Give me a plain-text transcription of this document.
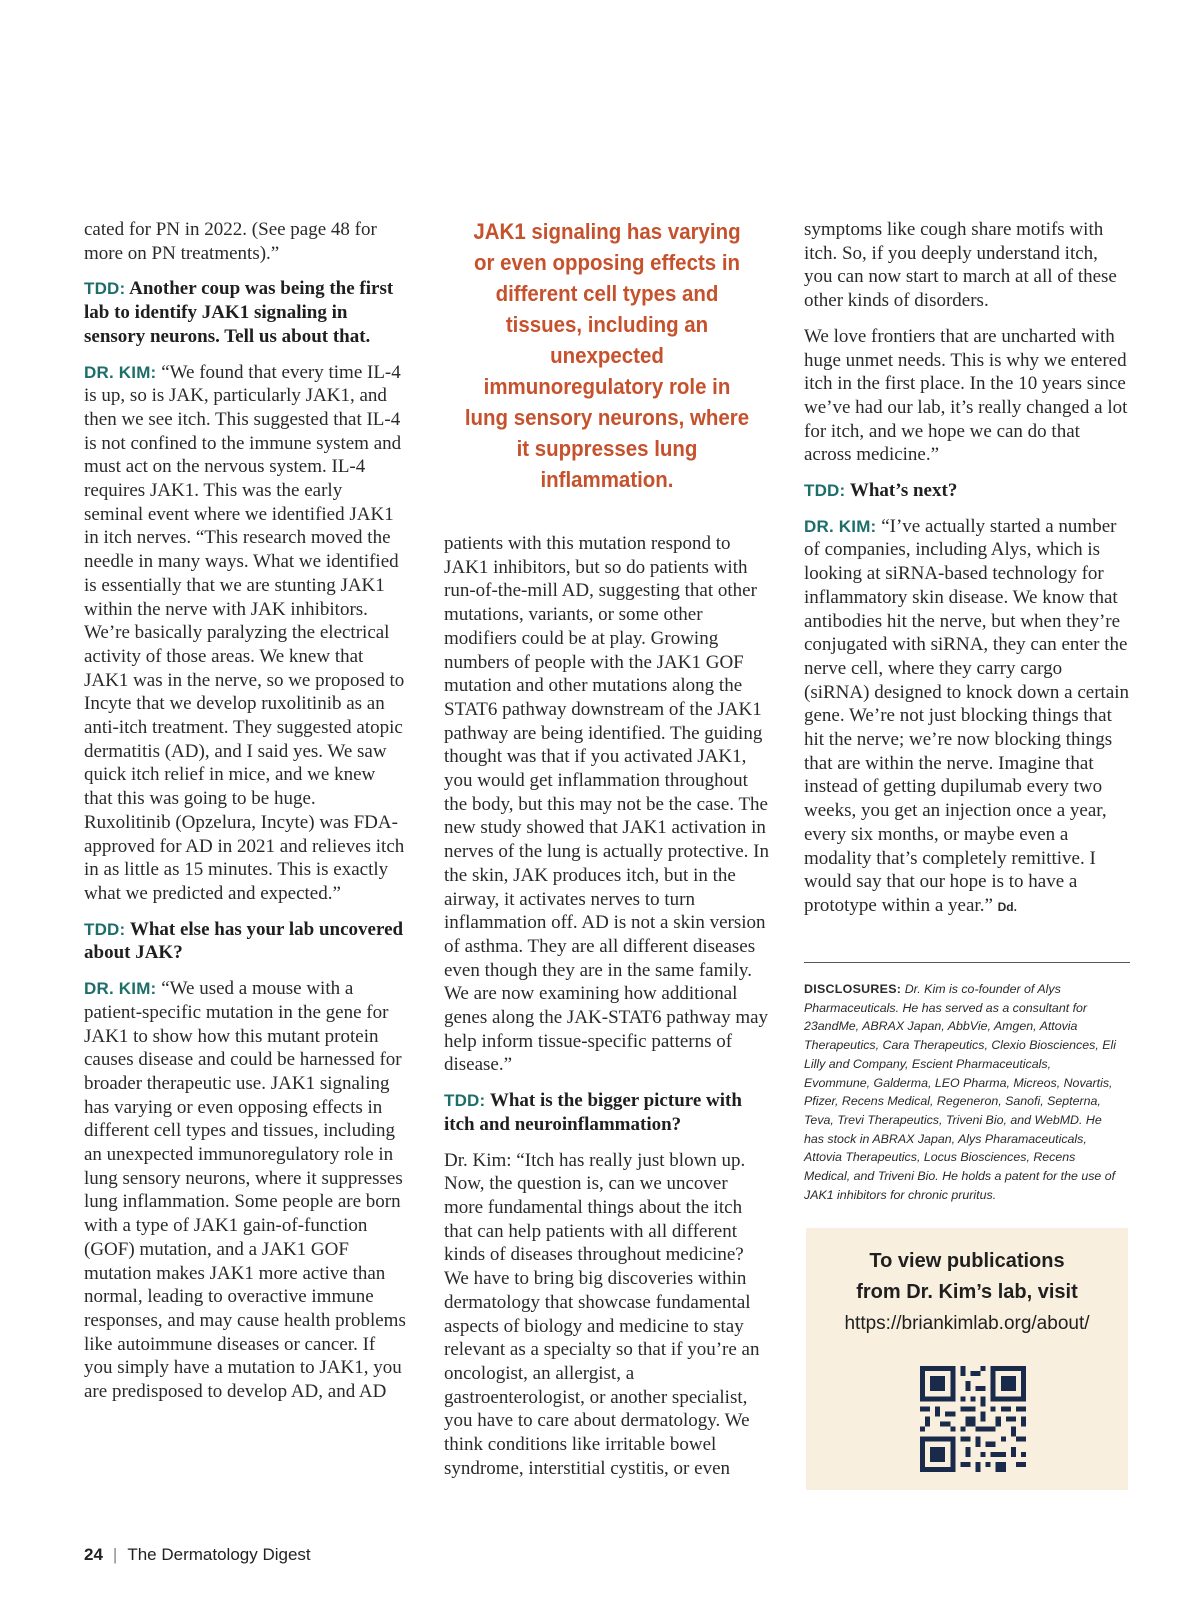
cated for PN in 2022. (See page 48 for more on PN treatments).”

TDD: Another coup was being the first lab to identify JAK1 signaling in sensory neurons. Tell us about that.

DR. KIM: “We found that every time IL-4 is up, so is JAK, particularly JAK1, and then we see itch. This suggested that IL-4 is not confined to the immune system and must act on the nervous system. IL-4 requires JAK1. This was the early seminal event where we identified JAK1 in itch nerves. “This research moved the needle in many ways. What we identified is essentially that we are stunting JAK1 within the nerve with JAK inhibitors. We’re basically paralyzing the electrical activity of those areas. We knew that JAK1 was in the nerve, so we proposed to Incyte that we develop ruxolitinib as an anti-itch treatment. They suggested atopic dermatitis (AD), and I said yes. We saw quick itch relief in mice, and we knew that this was going to be huge. Ruxolitinib (Opzelura, Incyte) was FDA-approved for AD in 2021 and relieves itch in as little as 15 minutes. This is exactly what we predicted and expected.”

TDD: What else has your lab uncovered about JAK?

DR. KIM: “We used a mouse with a patient-specific mutation in the gene for JAK1 to show how this mutant protein causes disease and could be harnessed for broader therapeutic use. JAK1 signaling has varying or even opposing effects in different cell types and tissues, including an unexpected immunoregulatory role in lung sensory neurons, where it suppresses lung inflammation. Some people are born with a type of JAK1 gain-of-function (GOF) mutation, and a JAK1 GOF mutation makes JAK1 more active than normal, leading to overactive immune responses, and may cause health problems like autoimmune diseases or cancer. If you simply have a mutation to JAK1, you are predisposed to develop AD, and AD

JAK1 signaling has varying or even opposing effects in different cell types and tissues, including an unexpected immunoregulatory role in lung sensory neurons, where it suppresses lung inflammation.

patients with this mutation respond to JAK1 inhibitors, but so do patients with run-of-the-mill AD, suggesting that other mutations, variants, or some other modifiers could be at play. Growing numbers of people with the JAK1 GOF mutation and other mutations along the STAT6 pathway downstream of the JAK1 pathway are being identified. The guiding thought was that if you activated JAK1, you would get inflammation throughout the body, but this may not be the case. The new study showed that JAK1 activation in nerves of the lung is actually protective. In the skin, JAK produces itch, but in the airway, it activates nerves to turn inflammation off. AD is not a skin version of asthma. They are all different diseases even though they are in the same family. We are now examining how additional genes along the JAK-STAT6 pathway may help inform tissue-specific patterns of disease.”

TDD: What is the bigger picture with itch and neuroinflammation?

Dr. Kim: “Itch has really just blown up. Now, the question is, can we uncover more fundamental things about the itch that can help patients with all different kinds of diseases throughout medicine? We have to bring big discoveries within dermatology that showcase fundamental aspects of biology and medicine to stay relevant as a specialty so that if you’re an oncologist, an allergist, a gastroenterologist, or another specialist, you have to care about dermatology. We think conditions like irritable bowel syndrome, interstitial cystitis, or even

symptoms like cough share motifs with itch. So, if you deeply understand itch, you can now start to march at all of these other kinds of disorders.

We love frontiers that are uncharted with huge unmet needs. This is why we entered itch in the first place. In the 10 years since we’ve had our lab, it’s really changed a lot for itch, and we hope we can do that across medicine.”

TDD: What’s next?

DR. KIM: “I’ve actually started a number of companies, including Alys, which is looking at siRNA-based technology for inflammatory skin disease. We know that antibodies hit the nerve, but when they’re conjugated with siRNA, they can enter the nerve cell, where they carry cargo (siRNA) designed to knock down a certain gene. We’re not just blocking things that hit the nerve; we’re now blocking things that are within the nerve. Imagine that instead of getting dupilumab every two weeks, you get an injection once a year, every six months, or maybe even a modality that’s completely remittive. I would say that our hope is to have a prototype within a year.” Dd.

DISCLOSURES: Dr. Kim is co-founder of Alys Pharmaceuticals. He has served as a consultant for 23andMe, ABRAX Japan, AbbVie, Amgen, Attovia Therapeutics, Cara Therapeutics, Clexio Biosciences, Eli Lilly and Company, Escient Pharmaceuticals, Evommune, Galderma, LEO Pharma, Micreos, Novartis, Pfizer, Recens Medical, Regeneron, Sanofi, Septerna, Teva, Trevi Therapeutics, Triveni Bio, and WebMD. He has stock in ABRAX Japan, Alys Pharamaceuticals, Attovia Therapeutics, Locus Biosciences, Recens Medical, and Triveni Bio. He holds a patent for the use of JAK1 inhibitors for chronic pruritus.
To view publications
from Dr. Kim’s lab, visit
https://briankimlab.org/about/
24 | The Dermatology Digest
